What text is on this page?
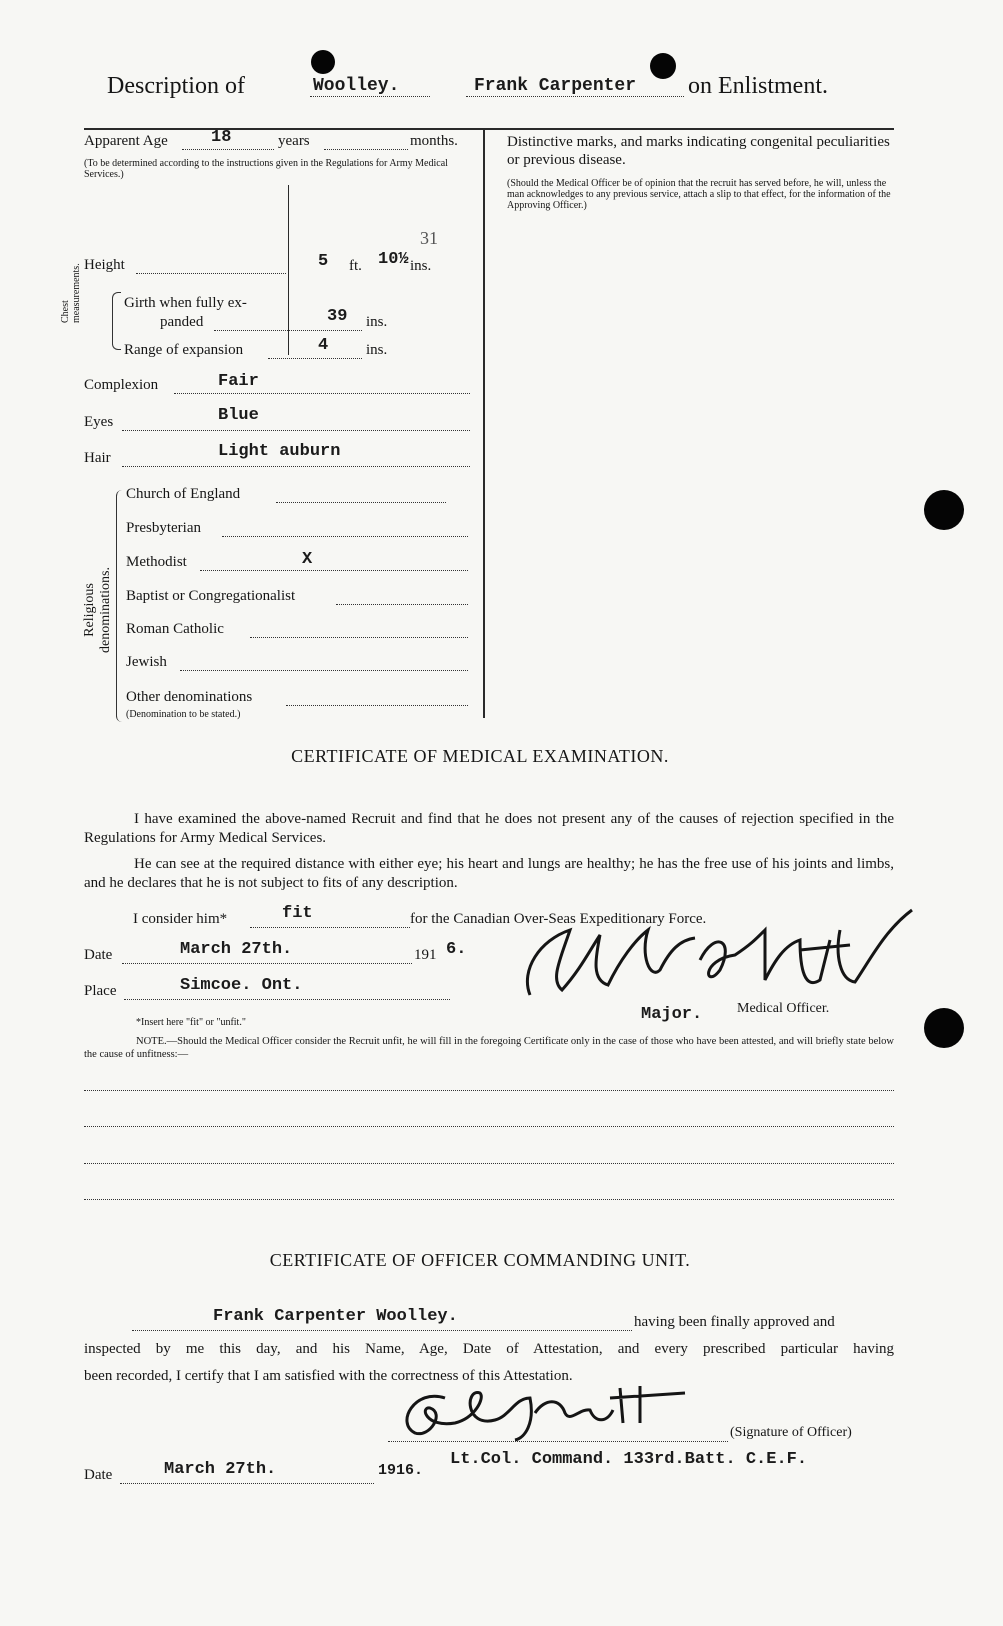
Description of	Woolley.	Frank Carpenter on Enlistment.
Apparent Age	18	years	months.
(To be determined according to the instructions given in the Regulations for Army Medical Services.)
31
Height	5 ft. 10½ ins.
Chest measurements.	Girth when fully ex-
panded	39 ins.
Range of expansion	4	ins.
Complexion	Fair
Eyes	Blue
Hair	Light auburn
Religious denominations.
Church of England
Presbyterian
Methodist	X
Baptist or Congregationalist
Roman Catholic
Jewish
Other denominations
(Denomination to be stated.)
Distinctive marks, and marks indicating congenital peculiarities or previous disease.
(Should the Medical Officer be of opinion that the recruit has served before, he will, unless the man acknowledges to any previous service, attach a slip to that effect, for the information of the Approving Officer.)
CERTIFICATE OF MEDICAL EXAMINATION.
I have examined the above-named Recruit and find that he does not present any of the causes of rejection specified in the Regulations for Army Medical Services.
He can see at the required distance with either eye; his heart and lungs are healthy; he has the free use of his joints and limbs, and he declares that he is not subject to fits of any description.
I consider him*	fit	for the Canadian Over-Seas Expeditionary Force.
Date	March 27th.	191 6.
Place	Simcoe. Ont.
*Insert here "fit" or "unfit."	Major. Medical Officer.
NOTE.—Should the Medical Officer consider the Recruit unfit, he will fill in the foregoing Certificate only in the case of those who have been attested, and will briefly state below the cause of unfitness:—
CERTIFICATE OF OFFICER COMMANDING UNIT.
Frank Carpenter Woolley.	having been finally approved and
inspected by me this day, and his Name, Age, Date of Attestation, and every prescribed particular having
been recorded, I certify that I am satisfied with the correctness of this Attestation.
(Signature of Officer)
Date	March 27th.	1916.
Lt.Col. Command. 133rd.Batt. C.E.F.
